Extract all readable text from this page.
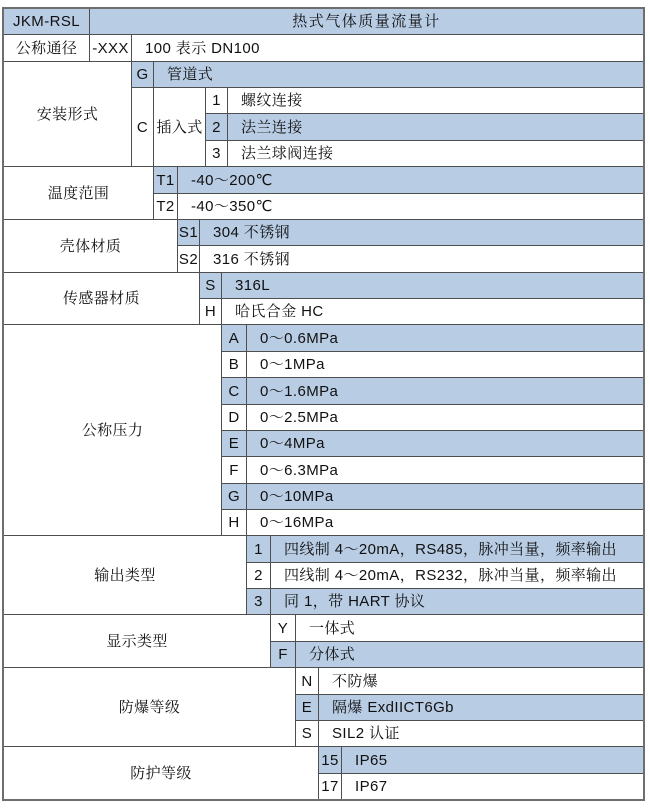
JKM-RSL	热式气体质量流量计
公称通径 -XXX 100 表示 DN100
安装形式
G 管道式
C 插入式
1 螺纹连接
2 法兰连接
3 法兰球阀连接
温度范围
T1 -40～200℃
T2 -40～350℃
壳体材质
S1 304 不锈钢
S2 316 不锈钢
传感器材质
S 316L
H 哈氏合金 HC
公称压力
A 0～0.6MPa
B 0～1MPa
C 0～1.6MPa
D 0～2.5MPa
E 0～4MPa
F 0～6.3MPa
G 0～10MPa
H 0～16MPa
输出类型
1 四线制 4～20mA，RS485，脉冲当量，频率输出
2 四线制 4～20mA，RS232，脉冲当量，频率输出
3 同 1，带 HART 协议
显示类型
Y 一体式
F 分体式
防爆等级
N 不防爆
E 隔爆 ExdIICT6Gb
S SIL2 认证
防护等级
15 IP65
17 IP67
